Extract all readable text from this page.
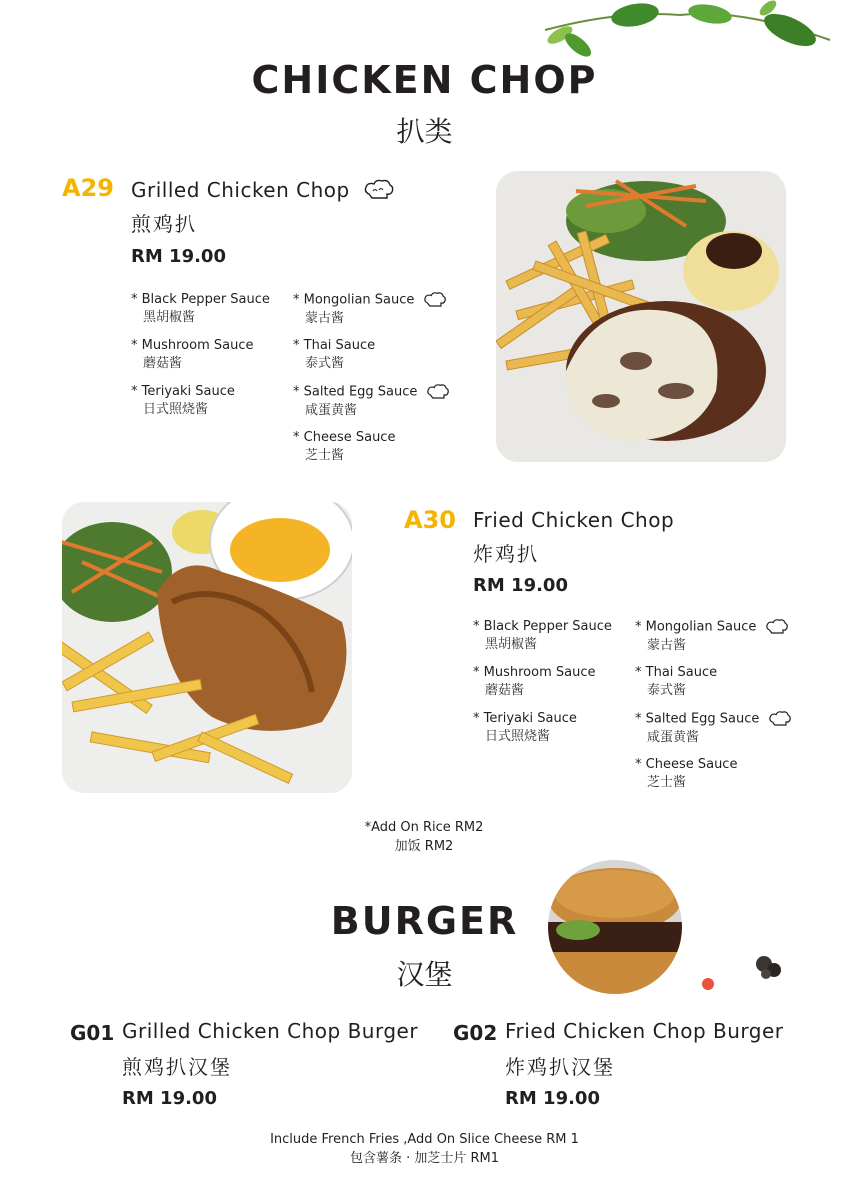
CHICKEN CHOP
扒类
A29 Grilled Chicken Chop
煎鸡扒
RM 19.00
* Black Pepper Sauce
黑胡椒酱
* Mushroom Sauce
蘑菇酱
* Teriyaki Sauce
日式照烧酱
* Mongolian Sauce
蒙古酱
* Thai Sauce
泰式酱
* Salted Egg Sauce
咸蛋黄酱
* Cheese Sauce
芝士酱
A30 Fried Chicken Chop
炸鸡扒
RM 19.00
* Black Pepper Sauce
黑胡椒酱
* Mushroom Sauce
蘑菇酱
* Teriyaki Sauce
日式照烧酱
* Mongolian Sauce
蒙古酱
* Thai Sauce
泰式酱
* Salted Egg Sauce
咸蛋黄酱
* Cheese Sauce
芝士酱
*Add On Rice RM2
加饭 RM2
BURGER
汉堡
G01 Grilled Chicken Chop Burger
煎鸡扒汉堡
RM 19.00
G02 Fried Chicken Chop Burger
炸鸡扒汉堡
RM 19.00
Include French Fries ,Add On Slice Cheese RM 1
包含薯条 · 加芝士片 RM1
